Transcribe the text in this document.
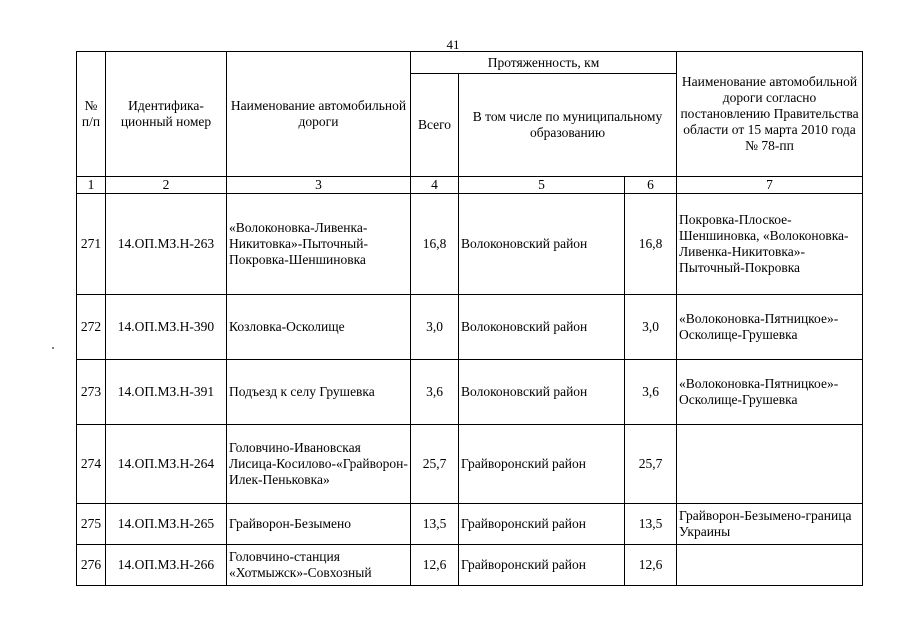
41
№ п/п	Идентифика-ционный номер	Наименование автомобильной дороги	Протяженность, км			Наименование автомобильной дороги согласно постановлению Правительства области от 15 марта 2010 года № 78-пп
			Всего	В том числе по муниципальному образованию		
1	2	3	4	5	6	7
271	14.ОП.МЗ.Н-263	«Волоконовка-Ливенка-Никитовка»-Пыточный-Покровка-Шеншиновка	16,8	Волоконовский район	16,8	Покровка-Плоское-Шеншиновка, «Волоконовка-Ливенка-Никитовка»-Пыточный-Покровка
272	14.ОП.МЗ.Н-390	Козловка-Осколище	3,0	Волоконовский район	3,0	«Волоконовка-Пятницкое»-Осколище-Грушевка
273	14.ОП.МЗ.Н-391	Подъезд к селу Грушевка	3,6	Волоконовский район	3,6	«Волоконовка-Пятницкое»-Осколище-Грушевка
274	14.ОП.МЗ.Н-264	Головчино-Ивановская Лисица-Косилово-«Грайворон-Илек-Пеньковка»	25,7	Грайворонский район	25,7	
275	14.ОП.МЗ.Н-265	Грайворон-Безымено	13,5	Грайворонский район	13,5	Грайворон-Безымено-граница Украины
276	14.ОП.МЗ.Н-266	Головчино-станция «Хотмыжск»-Совхозный	12,6	Грайворонский район	12,6	
